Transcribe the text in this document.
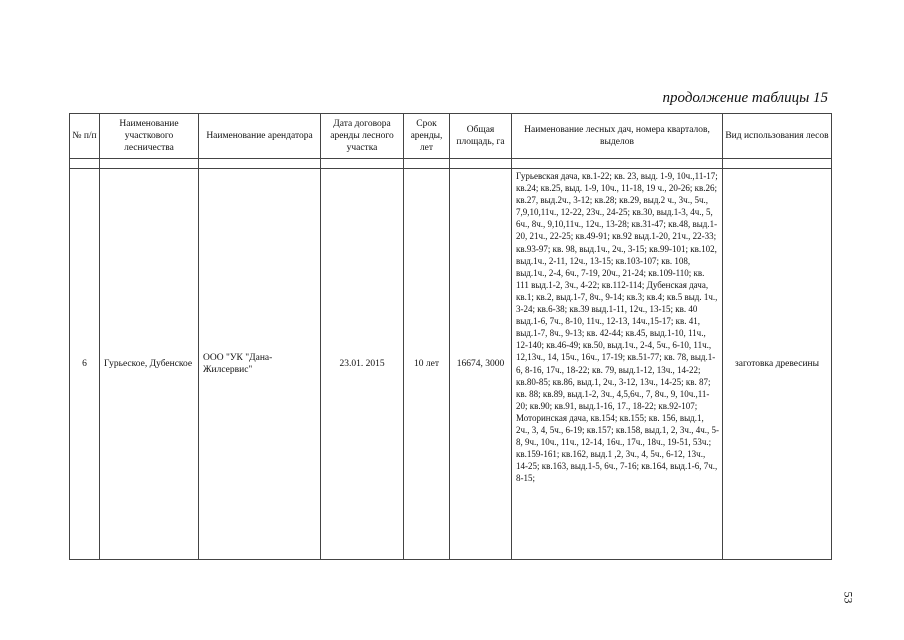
продолжение таблицы 15
№ п/п	Наименование участкового лесничества	Наименование арендатора	Дата договора аренды лесного участка	Срок аренды, лет	Общая площадь, га	Наименование лесных дач, номера кварталов, выделов	Вид использования лесов

6	Гурьеское, Дубенское	ООО "УК "Дана-Жилсервис"	23.01. 2015	10 лет	16674, 3000	Гурьевская дача, кв.1-22; кв. 23, выд. 1-9, 10ч.,11-17; кв.24; кв.25, выд. 1-9, 10ч., 11-18, 19 ч., 20-26; кв.26; кв.27, выд.2ч., 3-12; кв.28; кв.29, выд.2 ч., 3ч., 5ч., 7,9,10,11ч., 12-22, 23ч., 24-25; кв.30, выд.1-3, 4ч., 5, 6ч., 8ч., 9,10,11ч., 12ч., 13-28; кв.31-47; кв.48, выд.1-20, 21ч., 22-25; кв.49-91; кв.92 выд.1-20, 21ч., 22-33; кв.93-97; кв. 98, выд.1ч., 2ч., 3-15; кв.99-101; кв.102, выд.1ч., 2-11, 12ч., 13-15; кв.103-107; кв. 108, выд.1ч., 2-4, 6ч., 7-19, 20ч., 21-24; кв.109-110; кв. 111 выд.1-2, 3ч., 4-22; кв.112-114; Дубенская дача, кв.1; кв.2, выд.1-7, 8ч., 9-14; кв.3; кв.4; кв.5 выд. 1ч., 3-24; кв.6-38; кв.39 выд.1-11, 12ч., 13-15; кв. 40 выд.1-6, 7ч., 8-10, 11ч., 12-13, 14ч.,15-17; кв. 41, выд.1-7, 8ч., 9-13; кв. 42-44; кв.45, выд.1-10, 11ч., 12-140; кв.46-49; кв.50, выд.1ч., 2-4, 5ч., 6-10, 11ч., 12,13ч., 14, 15ч., 16ч., 17-19; кв.51-77; кв. 78, выд.1-6, 8-16, 17ч., 18-22; кв. 79, выд.1-12, 13ч., 14-22; кв.80-85; кв.86, выд.1, 2ч., 3-12, 13ч., 14-25; кв. 87; кв. 88; кв.89, выд.1-2, 3ч., 4,5,6ч., 7, 8ч., 9, 10ч.,11-20; кв.90; кв.91, выд.1-16, 17., 18-22; кв.92-107; Моторинская дача, кв.154; кв.155; кв. 156, выд.1, 2ч., 3, 4, 5ч., 6-19; кв.157; кв.158, выд.1, 2, 3ч., 4ч., 5-8, 9ч., 10ч., 11ч., 12-14, 16ч., 17ч., 18ч., 19-51, 53ч.; кв.159-161; кв.162, выд.1 ,2, 3ч., 4, 5ч., 6-12, 13ч., 14-25; кв.163, выд.1-5, 6ч., 7-16; кв.164, выд.1-6, 7ч., 8-15;	заготовка древесины
53
